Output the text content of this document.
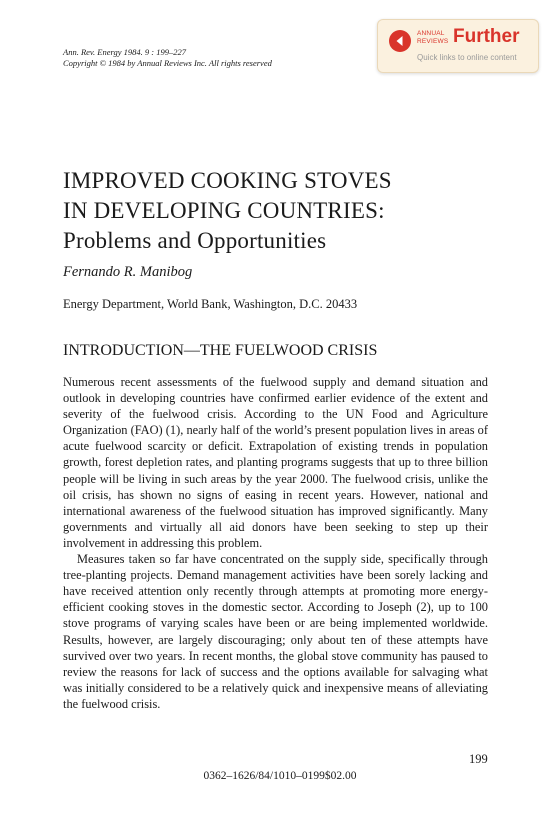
Ann. Rev. Energy 1984. 9 : 199–227
Copyright © 1984 by Annual Reviews Inc. All rights reserved
ANNUAL
REVIEWS Further
Quick links to online content
IMPROVED COOKING STOVES
IN DEVELOPING COUNTRIES:
Problems and Opportunities
Fernando R. Manibog
Energy Department, World Bank, Washington, D.C. 20433
INTRODUCTION—THE FUELWOOD CRISIS

Numerous recent assessments of the fuelwood supply and demand situation and outlook in developing countries have confirmed earlier evidence of the extent and severity of the fuelwood crisis. According to the UN Food and Agriculture Organization (FAO) (1), nearly half of the world’s present population lives in areas of acute fuelwood scarcity or deficit. Extrapolation of existing trends in population growth, forest depletion rates, and planting programs suggests that up to three billion people will be living in such areas by the year 2000. The fuelwood crisis, unlike the oil crisis, has shown no signs of easing in recent years. However, national and international awareness of the fuelwood situation has improved significantly. Many governments and virtually all aid donors have been seeking to step up their involvement in addressing this problem.

Measures taken so far have concentrated on the supply side, specifically through tree-planting projects. Demand management activities have been sorely lacking and have received attention only recently through attempts at promoting more energy-efficient cooking stoves in the domestic sector. According to Joseph (2), up to 100 stove programs of varying scales have been or are being implemented worldwide. Results, however, are largely discouraging; only about ten of these attempts have survived over two years. In recent months, the global stove community has paused to review the reasons for lack of success and the options available for salvaging what was initially considered to be a relatively quick and inexpensive means of alleviating the fuelwood crisis.

199
0362–1626/84/1010–0199$02.00
